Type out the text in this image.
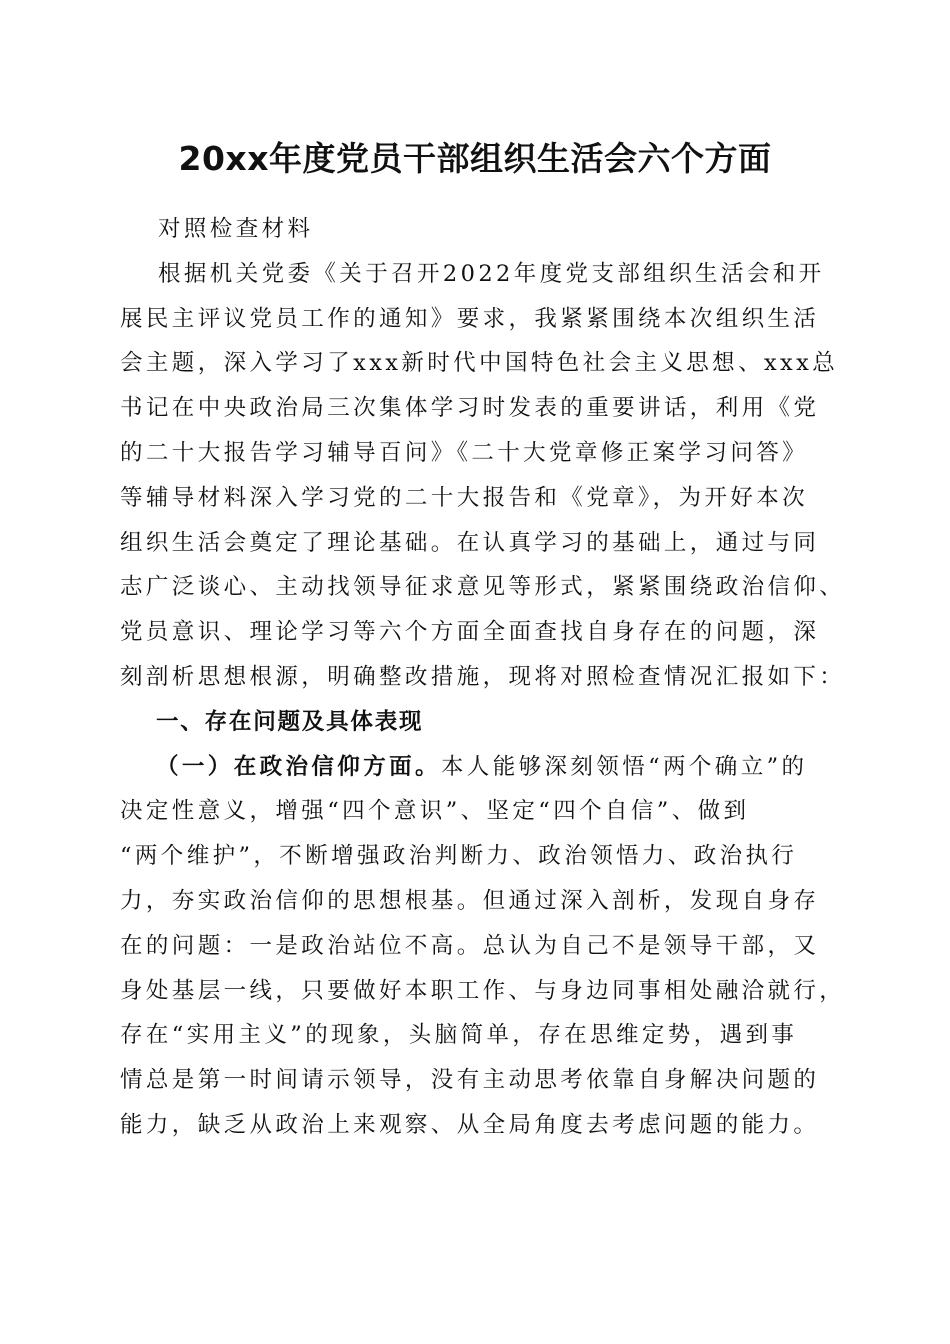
20xx年度党员干部组织生活会六个方面

对照检查材料

根据机关党委《关于召开2022年度党支部组织生活会和开

展民主评议党员工作的通知》要求，我紧紧围绕本次组织生活

会主题，深入学习了xxx新时代中国特色社会主义思想、xxx总

书记在中央政治局三次集体学习时发表的重要讲话，利用《党

的二十大报告学习辅导百问》《二十大党章修正案学习问答》

等辅导材料深入学习党的二十大报告和《党章》，为开好本次

组织生活会奠定了理论基础。在认真学习的基础上，通过与同

志广泛谈心、主动找领导征求意见等形式，紧紧围绕政治信仰、

党员意识、理论学习等六个方面全面查找自身存在的问题，深

刻剖析思想根源，明确整改措施，现将对照检查情况汇报如下：

一、存在问题及具体表现

（一）在政治信仰方面。本人能够深刻领悟“两个确立”的

决定性意义，增强“四个意识”、坚定“四个自信”、做到

“两个维护”，不断增强政治判断力、政治领悟力、政治执行

力，夯实政治信仰的思想根基。但通过深入剖析，发现自身存

在的问题：一是政治站位不高。总认为自己不是领导干部，又

身处基层一线，只要做好本职工作、与身边同事相处融洽就行，

存在“实用主义”的现象，头脑简单，存在思维定势，遇到事

情总是第一时间请示领导，没有主动思考依靠自身解决问题的

能力，缺乏从政治上来观察、从全局角度去考虑问题的能力。
